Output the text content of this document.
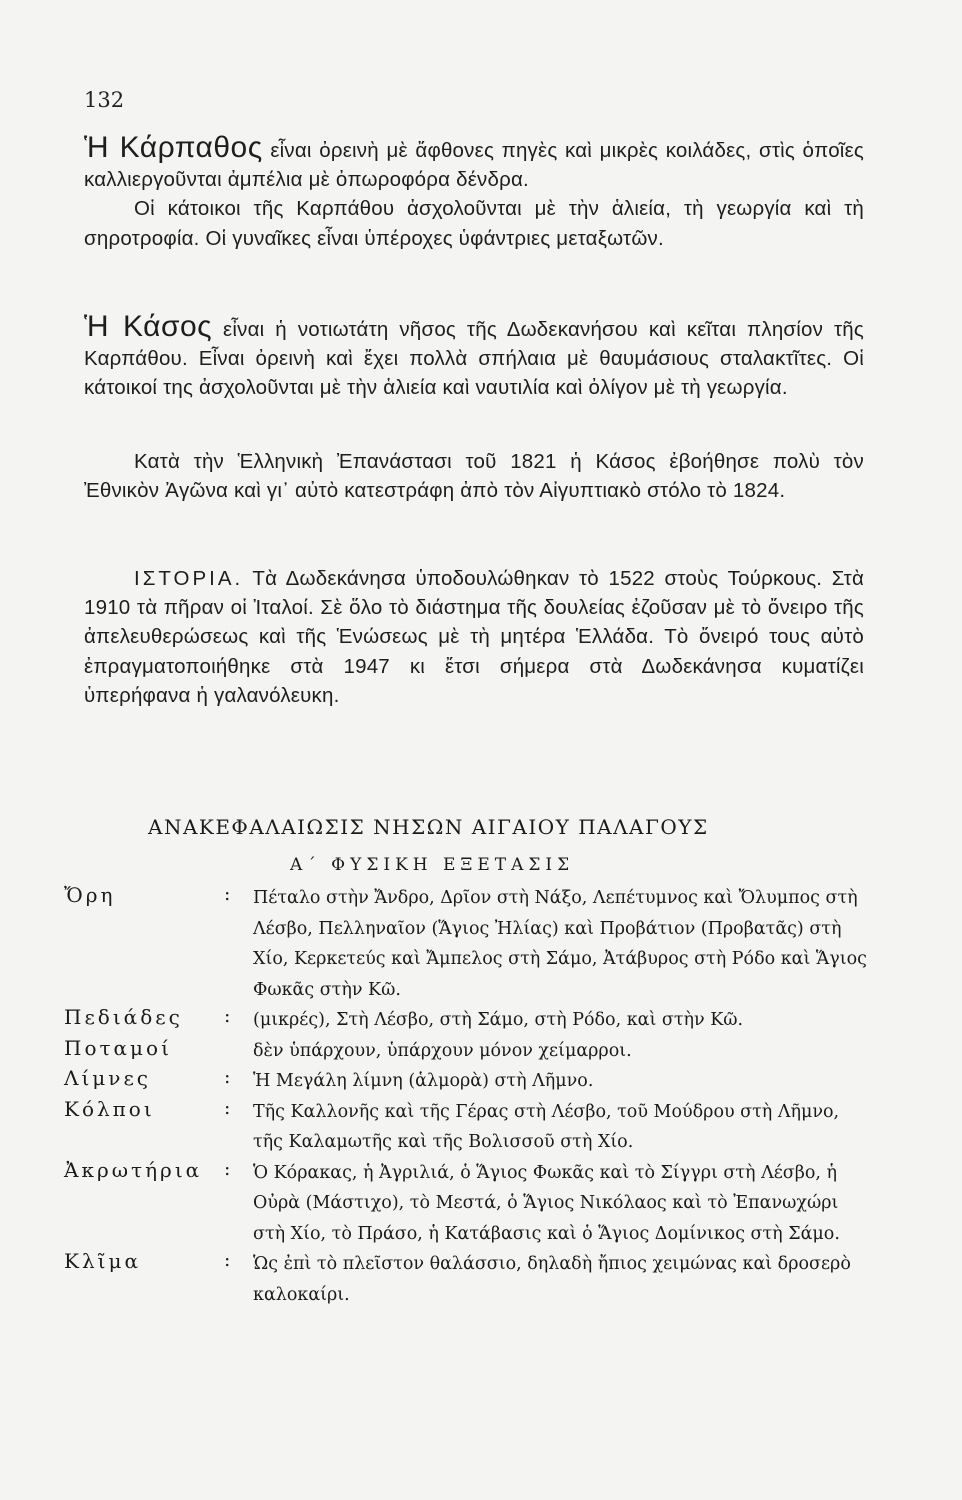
132
Ἡ Κάρπαθος εἶναι ὀρεινὴ μὲ ἄφθονες πηγὲς καὶ μικρὲς κοιλάδες, στὶς ὁποῖες καλλιεργοῦνται ἀμπέλια μὲ ὀπωροφόρα δένδρα.
Οἱ κάτοικοι τῆς Καρπάθου ἀσχολοῦνται μὲ τὴν ἁλιεία, τὴ γεωργία καὶ τὴ σηροτροφία. Οἱ γυναῖκες εἶναι ὑπέροχες ὑφάντριες μεταξωτῶν.
Ἡ Κάσος εἶναι ἡ νοτιωτάτη νῆσος τῆς Δωδεκανήσου καὶ κεῖται πλησίον τῆς Καρπάθου. Εἶναι ὀρεινὴ καὶ ἔχει πολλὰ σπήλαια μὲ θαυμάσιους σταλακτῖτες. Οἱ κάτοικοί της ἀσχολοῦνται μὲ τὴν ἁλιεία καὶ ναυτιλία καὶ ὀλίγον μὲ τὴ γεωργία.
Κατὰ τὴν Ἑλληνικὴ Ἐπανάστασι τοῦ 1821 ἡ Κάσος ἐβοήθησε πολὺ τὸν Ἐθνικὸν Ἀγῶνα καὶ γι᾽ αὐτὸ κατεστράφη ἀπὸ τὸν Αἰγυπτιακὸ στόλο τὸ 1824.
ΙΣΤΟΡΙΑ. Τὰ Δωδεκάνησα ὑποδουλώθηκαν τὸ 1522 στοὺς Τούρκους. Στὰ 1910 τὰ πῆραν οἱ Ἰταλοί. Σὲ ὅλο τὸ διάστημα τῆς δουλείας ἐζοῦσαν μὲ τὸ ὄνειρο τῆς ἀπελευθερώσεως καὶ τῆς Ἑνώσεως μὲ τὴ μητέρα Ἑλλάδα. Τὸ ὄνειρό τους αὐτὸ ἐπραγματοποιήθηκε στὰ 1947 κι ἔτσι σήμερα στὰ Δωδεκάνησα κυματίζει ὑπερήφανα ἡ γαλανόλευκη.
ΑΝΑΚΕΦΑΛΑΙΩΣΙΣ ΝΗΣΩΝ ΑΙΓΑΙΟΥ ΠΑΛΑΓΟΥΣ
Α΄ ΦΥΣΙΚΗ ΕΞΕΤΑΣΙΣ
Ὄρη	: Πέταλο στὴν Ἄνδρο, Δρῖον στὴ Νάξο, Λεπέτυμνος καὶ Ὄλυμπος στὴ Λέσβο, Πελληναῖον (Ἅγιος Ἠλίας) καὶ Προβάτιον (Προβατᾶς) στὴ Χίο, Κερκετεύς καὶ Ἄμπελος στὴ Σάμο, Ἀτάβυρος στὴ Ρόδο καὶ Ἅγιος Φωκᾶς στὴν Κῶ.
Πεδιάδες	: (μικρές), Στὴ Λέσβο, στὴ Σάμο, στὴ Ρόδο, καὶ στὴν Κῶ.
Ποταμοί	δὲν ὑπάρχουν, ὑπάρχουν μόνον χείμαρροι.
Λίμνες	: Ἡ Μεγάλη λίμνη (ἁλμορὰ) στὴ Λῆμνο.
Κόλποι	: Τῆς Καλλονῆς καὶ τῆς Γέρας στὴ Λέσβο, τοῦ Μούδρου στὴ Λῆμνο, τῆς Καλαμωτῆς καὶ τῆς Βολισσοῦ στὴ Χίο.
Ἀκρωτήρια	: Ὁ Κόρακας, ἡ Ἀγριλιά, ὁ Ἅγιος Φωκᾶς καὶ τὸ Σίγγρι στὴ Λέσβο, ἡ Οὐρὰ (Μάστιχο), τὸ Μεστά, ὁ Ἅγιος Νικόλαος καὶ τὸ Ἐπανωχώρι στὴ Χίο, τὸ Πράσο, ἡ Κατάβασις καὶ ὁ Ἅγιος Δομίνικος στὴ Σάμο.
Κλῖμα	: Ὡς ἐπὶ τὸ πλεῖστον θαλάσσιο, δηλαδὴ ἤπιος χειμώνας καὶ δροσερὸ καλοκαίρι.
